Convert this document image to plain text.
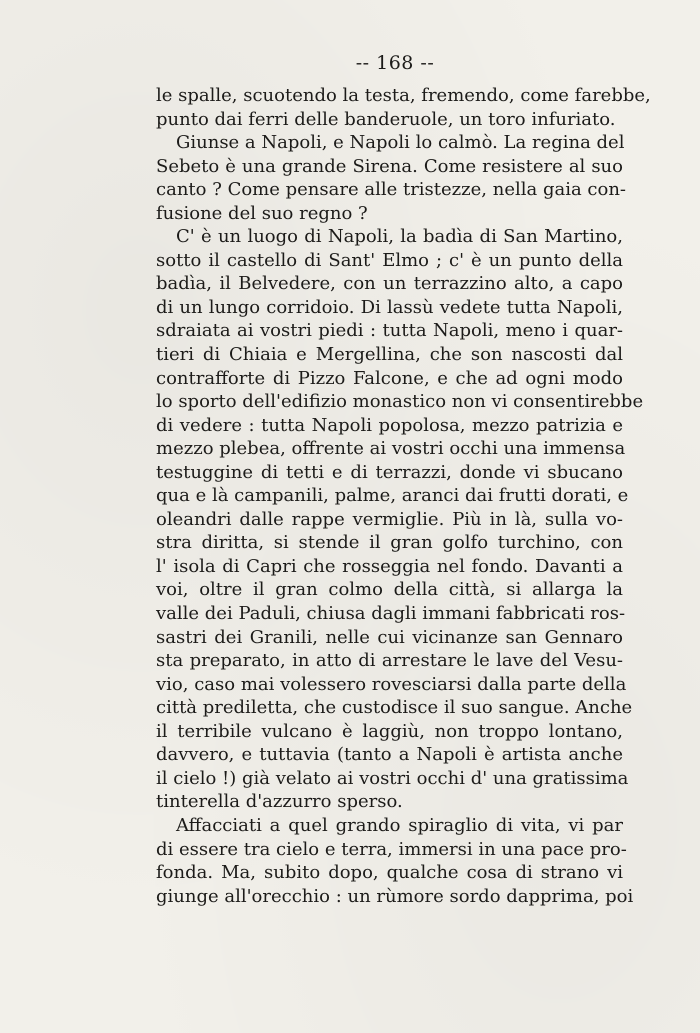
-- 168 --
le spalle, scuotendo la testa, fremendo, come farebbe,
punto dai ferri delle banderuole, un toro infuriato.
Giunse a Napoli, e Napoli lo calmò. La regina del
Sebeto è una grande Sirena. Come resistere al suo
canto ? Come pensare alle tristezze, nella gaia con-
fusione del suo regno ?
C' è un luogo di Napoli, la badìa di San Martino,
sotto il castello di Sant' Elmo ; c' è un punto della
badìa, il Belvedere, con un terrazzino alto, a capo
di un lungo corridoio. Di lassù vedete tutta Napoli,
sdraiata ai vostri piedi : tutta Napoli, meno i quar-
tieri di Chiaia e Mergellina, che son nascosti dal
contrafforte di Pizzo Falcone, e che ad ogni modo
lo sporto dell'edifizio monastico non vi consentirebbe
di vedere : tutta Napoli popolosa, mezzo patrizia e
mezzo plebea, offrente ai vostri occhi una immensa
testuggine di tetti e di terrazzi, donde vi sbucano
qua e là campanili, palme, aranci dai frutti dorati, e
oleandri dalle rappe vermiglie. Più in là, sulla vo-
stra diritta, si stende il gran golfo turchino, con
l' isola di Capri che rosseggia nel fondo. Davanti a
voi, oltre il gran colmo della città, si allarga la
valle dei Paduli, chiusa dagli immani fabbricati ros-
sastri dei Granili, nelle cui vicinanze san Gennaro
sta preparato, in atto di arrestare le lave del Vesu-
vio, caso mai volessero rovesciarsi dalla parte della
città prediletta, che custodisce il suo sangue. Anche
il terribile vulcano è laggiù, non troppo lontano,
davvero, e tuttavia (tanto a Napoli è artista anche
il cielo !) già velato ai vostri occhi d' una gratissima
tinterella d'azzurro sperso.
Affacciati a quel grando spiraglio di vita, vi par
di essere tra cielo e terra, immersi in una pace pro-
fonda. Ma, subito dopo, qualche cosa di strano vi
giunge all'orecchio : un rùmore sordo dapprima, poi
